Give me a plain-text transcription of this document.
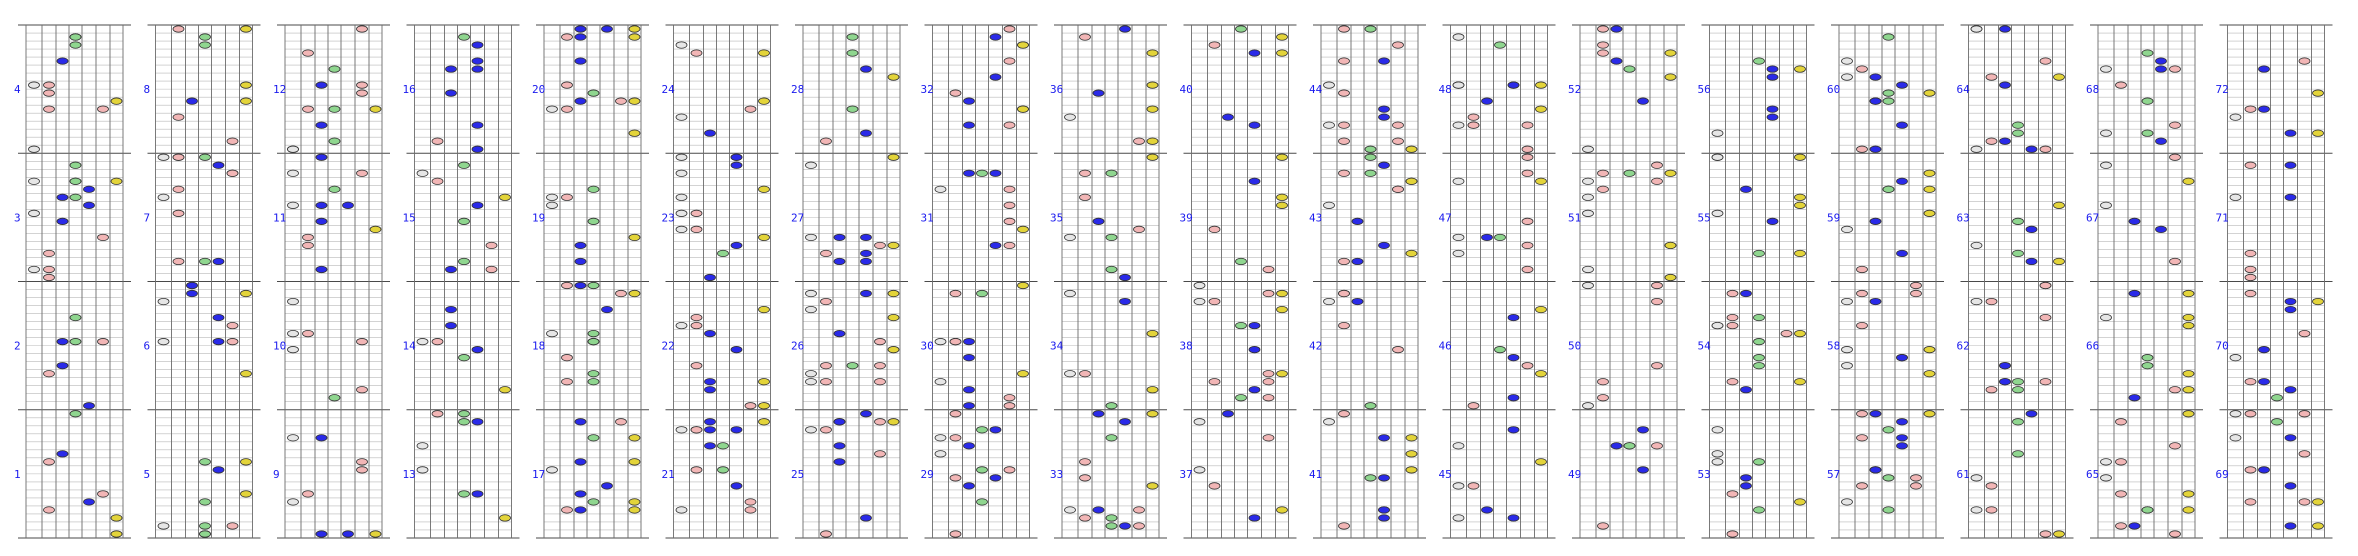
1
2
3
4
5
6
7
8
9
10
11
12
13
14
15
16
17
18
19
20
21
22
23
24
25
26
27
28
29
30
31
32
33
34
35
36
37
38
39
40
41
42
43
44
45
46
47
48
49
50
51
52
53
54
55
56
57
58
59
60
61
62
63
64
65
66
67
68
69
70
71
72
